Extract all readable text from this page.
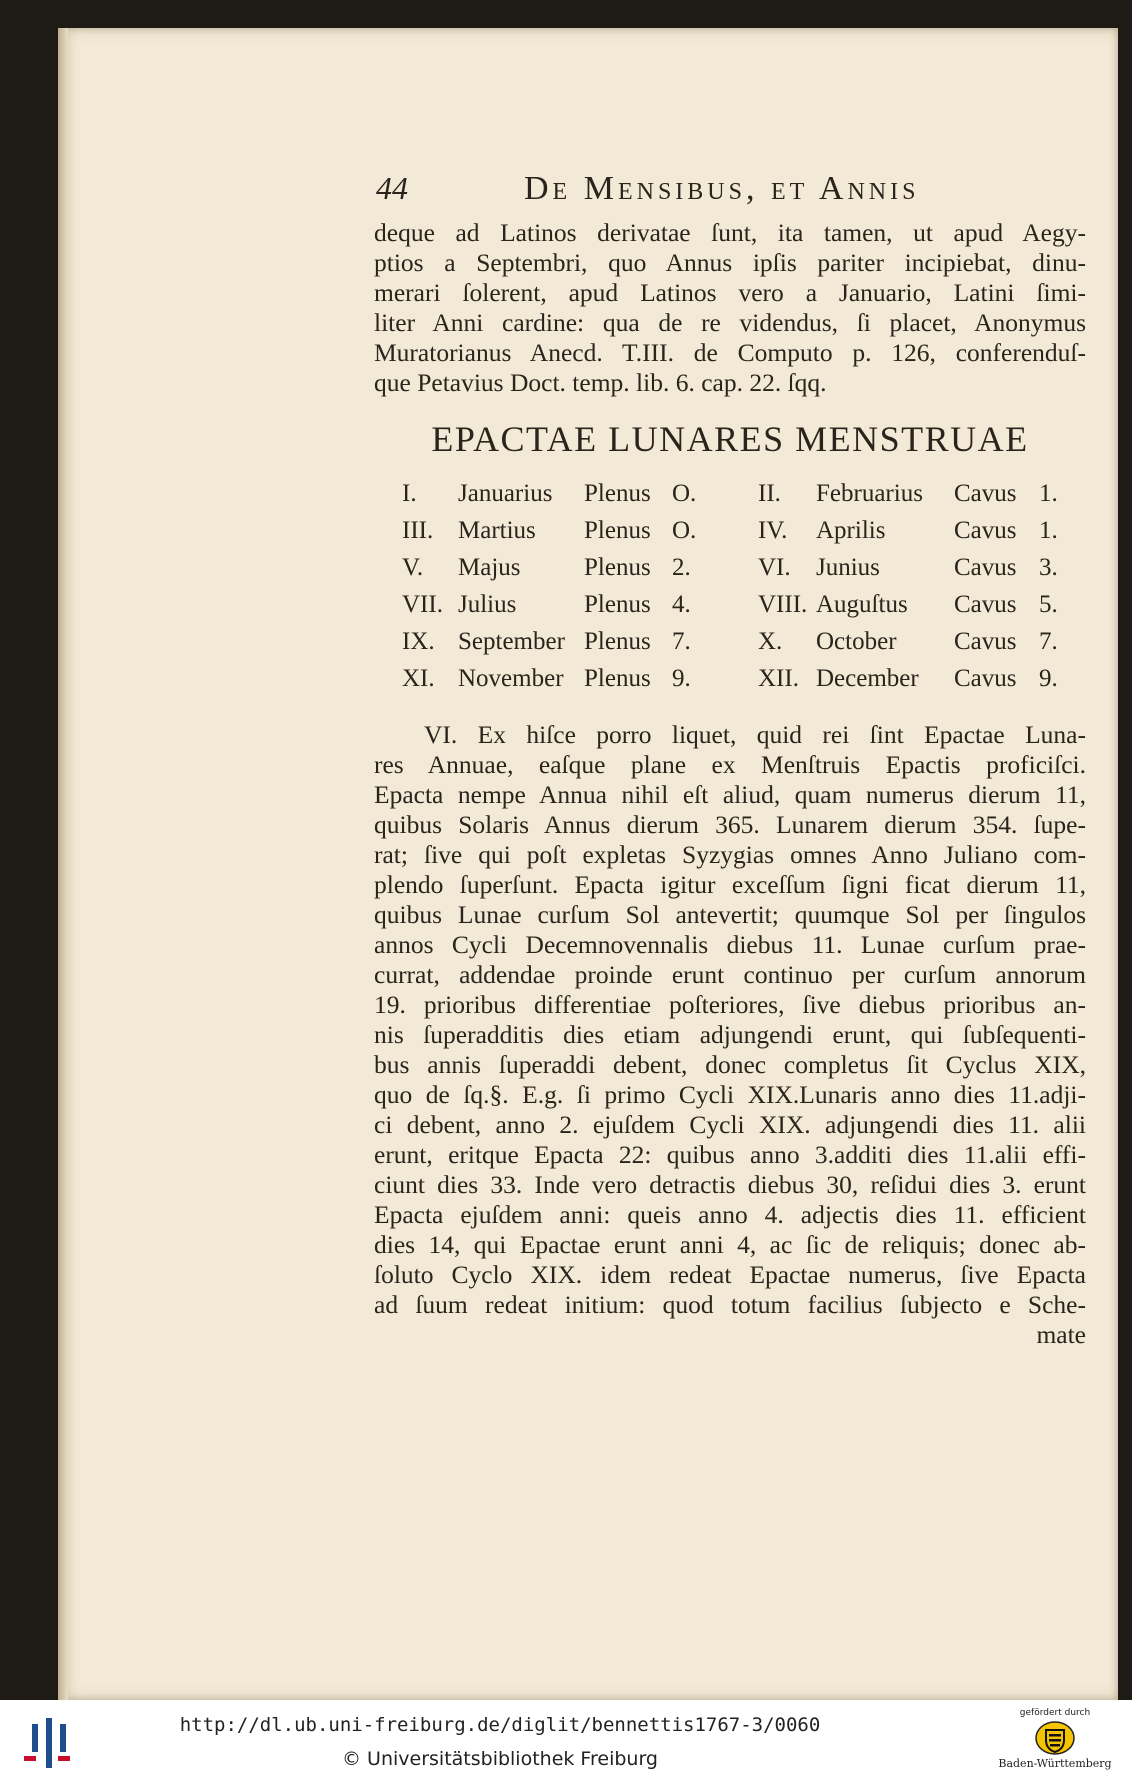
44	De Mensibus, et Annis
deque ad Latinos derivatae ſunt, ita tamen, ut apud Aegy-
ptios a Septembri, quo Annus ipſis pariter incipiebat, dinu-
merari ſolerent, apud Latinos vero a Januario, Latini ſimi-
liter Anni cardine: qua de re videndus, ſi placet, Anonymus
Muratorianus Anecd. T.III. de Computo p. 126, conferenduſ-
que Petavius Doct. temp. lib. 6. cap. 22. ſqq.
EPACTAE LUNARES MENSTRUAE
I. Januarius Plenus O. II. Februarius Cavus 1.
III. Martius Plenus O. IV. Aprilis	Cavus 1.
V. Majus	Plenus 2.	VI. Junius	Cavus 3.
VII. Julius	Plenus 4.	VIII. Auguſtus Cavus 5.
IX. September Plenus 7.	X. October Cavus 7.
XI. November Plenus 9.	XII. December Cavus 9.
VI. Ex hiſce porro liquet, quid rei ſint Epactae Luna-
res Annuae, eaſque plane ex Menſtruis Epactis proficiſci.
Epacta nempe Annua nihil eſt aliud, quam numerus dierum 11,
quibus Solaris Annus dierum 365. Lunarem dierum 354. ſupe-
rat; ſive qui poſt expletas Syzygias omnes Anno Juliano com-
plendo ſuperſunt. Epacta igitur exceſſum ſigni ficat dierum 11,
quibus Lunae curſum Sol antevertit; quumque Sol per ſingulos
annos Cycli Decemnovennalis diebus 11. Lunae curſum prae-
currat, addendae proinde erunt continuo per curſum annorum
19. prioribus differentiae poſteriores, ſive diebus prioribus an-
nis ſuperadditis dies etiam adjungendi erunt, qui ſubſequenti-
bus annis ſuperaddi debent, donec completus ſit Cyclus XIX,
quo de ſq.§. E.g. ſi primo Cycli XIX.Lunaris anno dies 11.adji-
ci debent, anno 2. ejuſdem Cycli XIX. adjungendi dies 11. alii
erunt, eritque Epacta 22: quibus anno 3.additi dies 11.alii effi-
ciunt dies 33. Inde vero detractis diebus 30, reſidui dies 3. erunt
Epacta ejuſdem anni: queis anno 4. adjectis dies 11. efficient
dies 14, qui Epactae erunt anni 4, ac ſic de reliquis; donec ab-
ſoluto Cyclo XIX. idem redeat Epactae numerus, ſive Epacta
ad ſuum redeat initium: quod totum facilius ſubjecto e Sche-
mate
http://dl.ub.uni-freiburg.de/diglit/bennettis1767-3/0060
© Universitätsbibliothek Freiburg
gefördert durch
Baden-Württemberg
